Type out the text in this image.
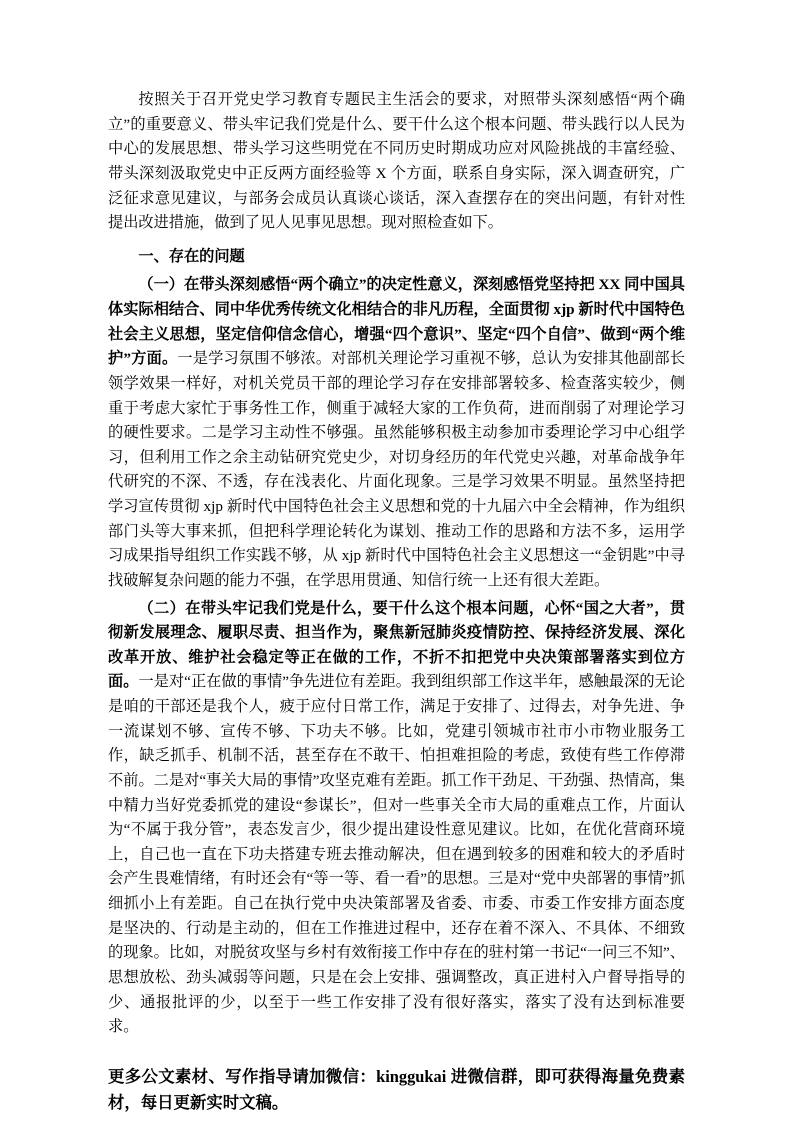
按照关于召开党史学习教育专题民主生活会的要求，对照带头深刻感悟“两个确立”的重要意义、带头牢记我们党是什么、要干什么这个根本问题、带头践行以人民为中心的发展思想、带头学习这些明党在不同历史时期成功应对风险挑战的丰富经验、带头深刻汲取党史中正反两方面经验等 X 个方面，联系自身实际，深入调查研究，广泛征求意见建议，与部务会成员认真谈心谈话，深入查摆存在的突出问题，有针对性提出改进措施，做到了见人见事见思想。现对照检查如下。

一、存在的问题

（一）在带头深刻感悟“两个确立”的决定性意义，深刻感悟党坚持把 XX 同中国具体实际相结合、同中华优秀传统文化相结合的非凡历程，全面贯彻 xjp 新时代中国特色社会主义思想，坚定信仰信念信心，增强“四个意识”、坚定“四个自信”、做到“两个维护”方面。一是学习氛围不够浓。对部机关理论学习重视不够，总认为安排其他副部长领学效果一样好，对机关党员干部的理论学习存在安排部署较多、检查落实较少，侧重于考虑大家忙于事务性工作，侧重于减轻大家的工作负荷，进而削弱了对理论学习的硬性要求。二是学习主动性不够强。虽然能够积极主动参加市委理论学习中心组学习，但利用工作之余主动钻研究党史少，对切身经历的年代党史兴趣，对革命战争年代研究的不深、不透，存在浅表化、片面化现象。三是学习效果不明显。虽然坚持把学习宣传贯彻 xjp 新时代中国特色社会主义思想和党的十九届六中全会精神，作为组织部门头等大事来抓，但把科学理论转化为谋划、推动工作的思路和方法不多，运用学习成果指导组织工作实践不够，从 xjp 新时代中国特色社会主义思想这一“金钥匙”中寻找破解复杂问题的能力不强，在学思用贯通、知信行统一上还有很大差距。

（二）在带头牢记我们党是什么，要干什么这个根本问题，心怀“国之大者”，贯彻新发展理念、履职尽责、担当作为，聚焦新冠肺炎疫情防控、保持经济发展、深化改革开放、维护社会稳定等正在做的工作，不折不扣把党中央决策部署落实到位方面。一是对“正在做的事情”争先进位有差距。我到组织部工作这半年，感触最深的无论是咱的干部还是我个人，疲于应付日常工作，满足于安排了、过得去，对争先进、争一流谋划不够、宣传不够、下功夫不够。比如，党建引领城市社市小市物业服务工作，缺乏抓手、机制不活，甚至存在不敢干、怕担难担险的考虑，致使有些工作停滞不前。二是对“事关大局的事情”攻坚克难有差距。抓工作干劲足、干劲强、热情高，集中精力当好党委抓党的建设“参谋长”，但对一些事关全市大局的重难点工作，片面认为“不属于我分管”，表态发言少，很少提出建设性意见建议。比如，在优化营商环境上，自己也一直在下功夫搭建专班去推动解决，但在遇到较多的困难和较大的矛盾时会产生畏难情绪，有时还会有“等一等、看一看”的思想。三是对“党中央部署的事情”抓细抓小上有差距。自己在执行党中央决策部署及省委、市委、市委工作安排方面态度是坚决的、行动是主动的，但在工作推进过程中，还存在着不深入、不具体、不细致的现象。比如，对脱贫攻坚与乡村有效衔接工作中存在的驻村第一书记“一问三不知”、思想放松、劲头减弱等问题，只是在会上安排、强调整改，真正进村入户督导指导的少、通报批评的少，以至于一些工作安排了没有很好落实，落实了没有达到标准要求。

更多公文素材、写作指导请加微信：kinggukai 进微信群，即可获得海量免费素材，每日更新实时文稿。
